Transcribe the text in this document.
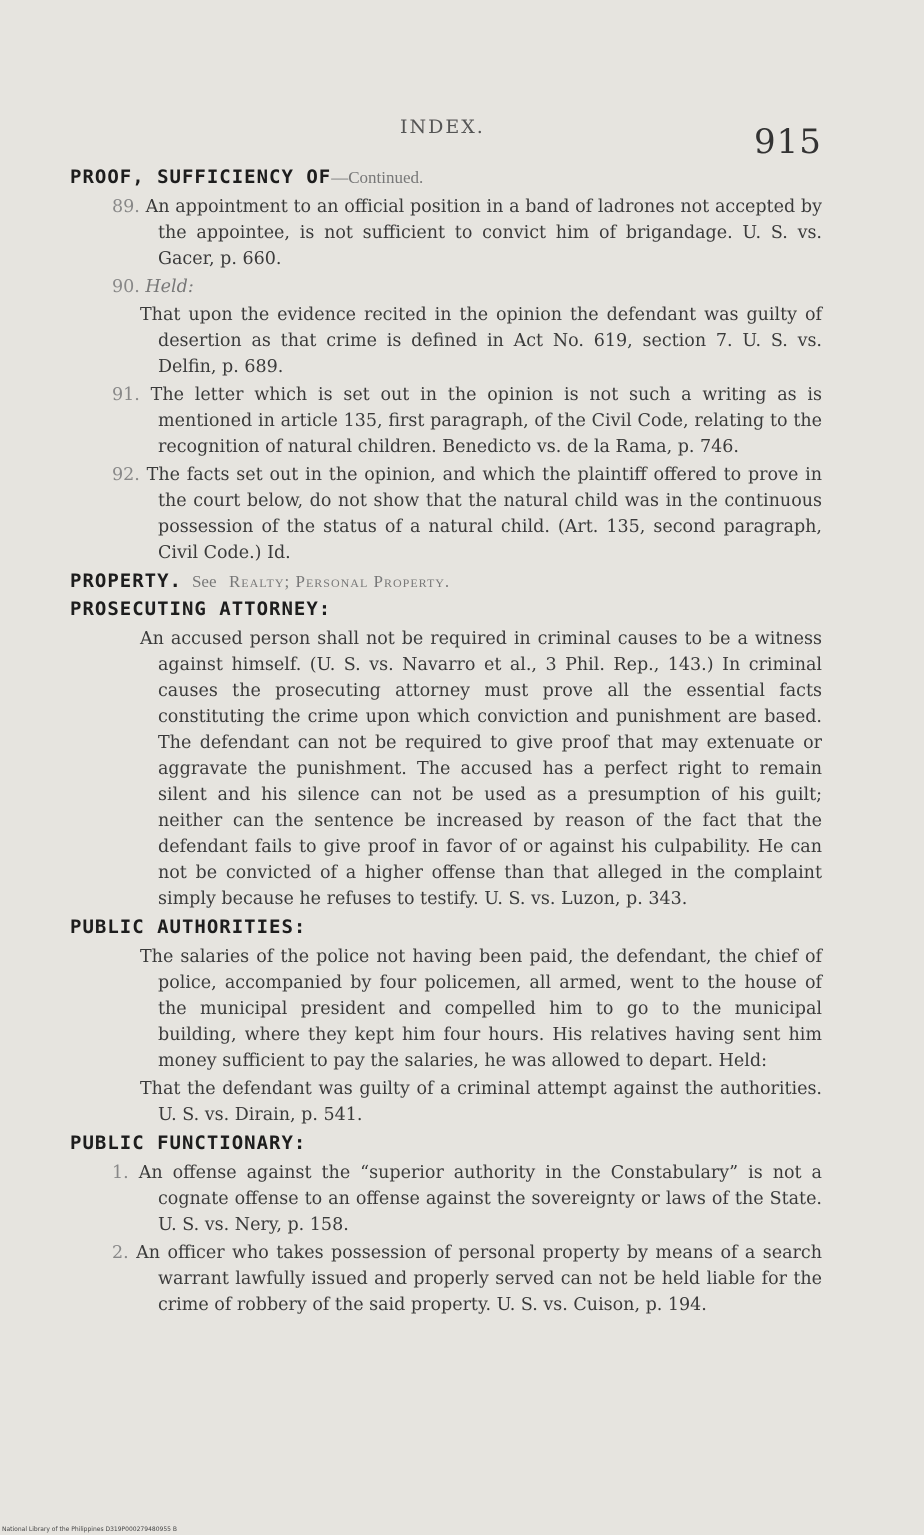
INDEX.	915
PROOF, SUFFICIENCY OF—Continued.

89. An appointment to an official position in a band of ladrones not accepted by the appointee, is not sufficient to convict him of brigandage. U. S. vs. Gacer, p. 660.

90. Held:

That upon the evidence recited in the opinion the defendant was guilty of desertion as that crime is defined in Act No. 619, section 7. U. S. vs. Delfin, p. 689.

91. The letter which is set out in the opinion is not such a writing as is mentioned in article 135, first paragraph, of the Civil Code, relating to the recognition of natural children. Benedicto vs. de la Rama, p. 746.

92. The facts set out in the opinion, and which the plaintiff offered to prove in the court below, do not show that the natural child was in the continuous possession of the status of a natural child. (Art. 135, second paragraph, Civil Code.) Id.

PROPERTY. See Realty; Personal Property.
PROSECUTING ATTORNEY:

An accused person shall not be required in criminal causes to be a witness against himself. (U. S. vs. Navarro et al., 3 Phil. Rep., 143.) In criminal causes the prosecuting attorney must prove all the essential facts constituting the crime upon which conviction and punishment are based. The defendant can not be required to give proof that may extenuate or aggravate the punishment. The accused has a perfect right to remain silent and his silence can not be used as a presumption of his guilt; neither can the sentence be increased by reason of the fact that the defendant fails to give proof in favor of or against his culpability. He can not be convicted of a higher offense than that alleged in the complaint simply because he refuses to testify. U. S. vs. Luzon, p. 343.

PUBLIC AUTHORITIES:

The salaries of the police not having been paid, the defendant, the chief of police, accompanied by four policemen, all armed, went to the house of the municipal president and compelled him to go to the municipal building, where they kept him four hours. His relatives having sent him money sufficient to pay the salaries, he was allowed to depart. Held:

That the defendant was guilty of a criminal attempt against the authorities. U. S. vs. Dirain, p. 541.

PUBLIC FUNCTIONARY:

1. An offense against the “superior authority in the Constabulary” is not a cognate offense to an offense against the sovereignty or laws of the State. U. S. vs. Nery, p. 158.

2. An officer who takes possession of personal property by means of a search warrant lawfully issued and properly served can not be held liable for the crime of robbery of the said property. U. S. vs. Cuison, p. 194.

National Library of the Philippines D319P000279480955 B
